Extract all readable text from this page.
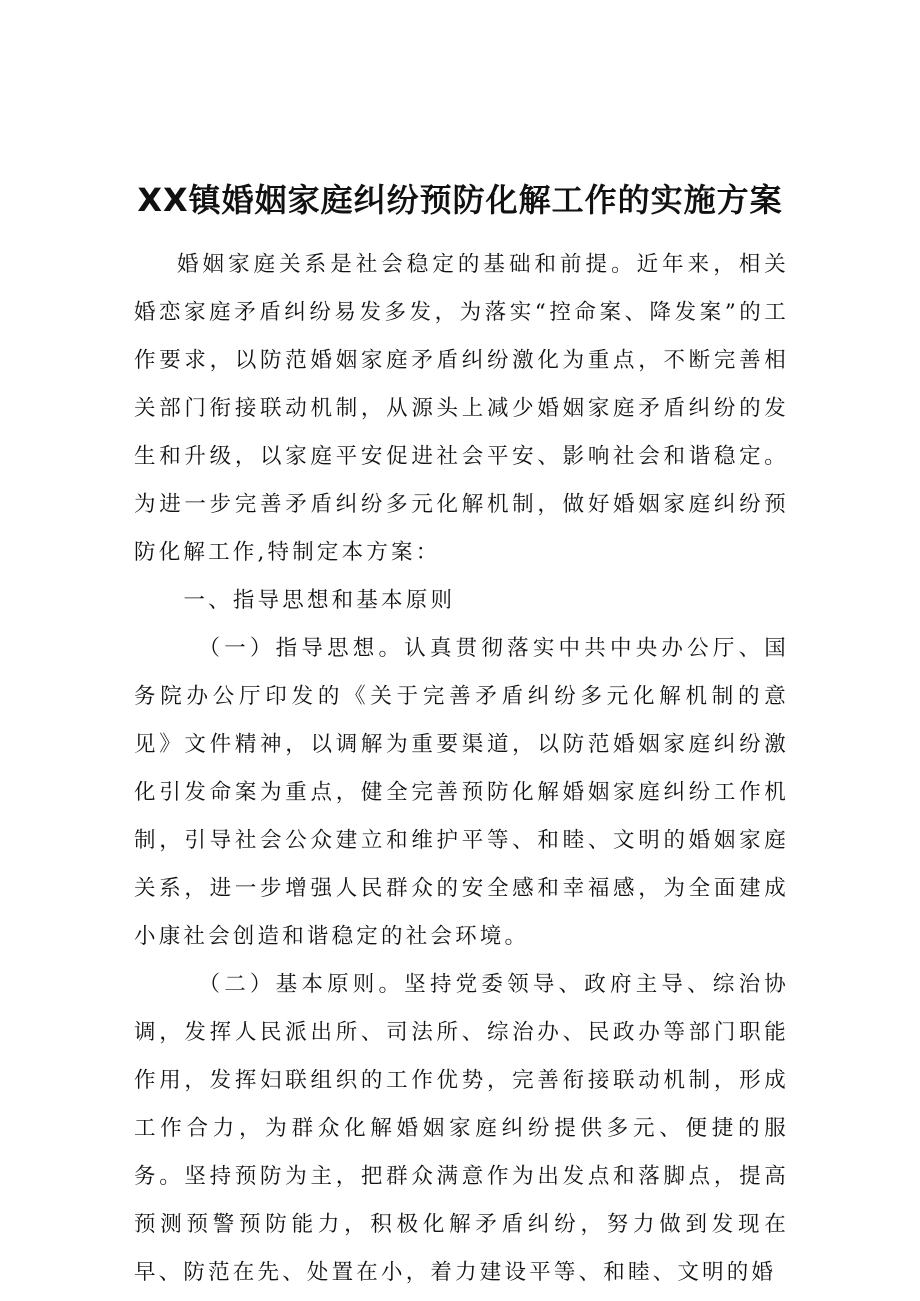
XX镇婚姻家庭纠纷预防化解工作的实施方案

婚姻家庭关系是社会稳定的基础和前提。近年来，相关婚恋家庭矛盾纠纷易发多发，为落实“控命案、降发案”的工作要求，以防范婚姻家庭矛盾纠纷激化为重点，不断完善相关部门衔接联动机制，从源头上减少婚姻家庭矛盾纠纷的发生和升级，以家庭平安促进社会平安、影响社会和谐稳定。为进一步完善矛盾纠纷多元化解机制，做好婚姻家庭纠纷预防化解工作,特制定本方案：

一、指导思想和基本原则

（一）指导思想。认真贯彻落实中共中央办公厅、国务院办公厅印发的《关于完善矛盾纠纷多元化解机制的意见》文件精神，以调解为重要渠道，以防范婚姻家庭纠纷激化引发命案为重点，健全完善预防化解婚姻家庭纠纷工作机制，引导社会公众建立和维护平等、和睦、文明的婚姻家庭关系，进一步增强人民群众的安全感和幸福感，为全面建成小康社会创造和谐稳定的社会环境。

（二）基本原则。坚持党委领导、政府主导、综治协调，发挥人民派出所、司法所、综治办、民政办等部门职能作用，发挥妇联组织的工作优势，完善衔接联动机制，形成工作合力，为群众化解婚姻家庭纠纷提供多元、便捷的服务。坚持预防为主，把群众满意作为出发点和落脚点，提高预测预警预防能力，积极化解矛盾纠纷，努力做到发现在早、防范在先、处置在小，着力建设平等、和睦、文明的婚
